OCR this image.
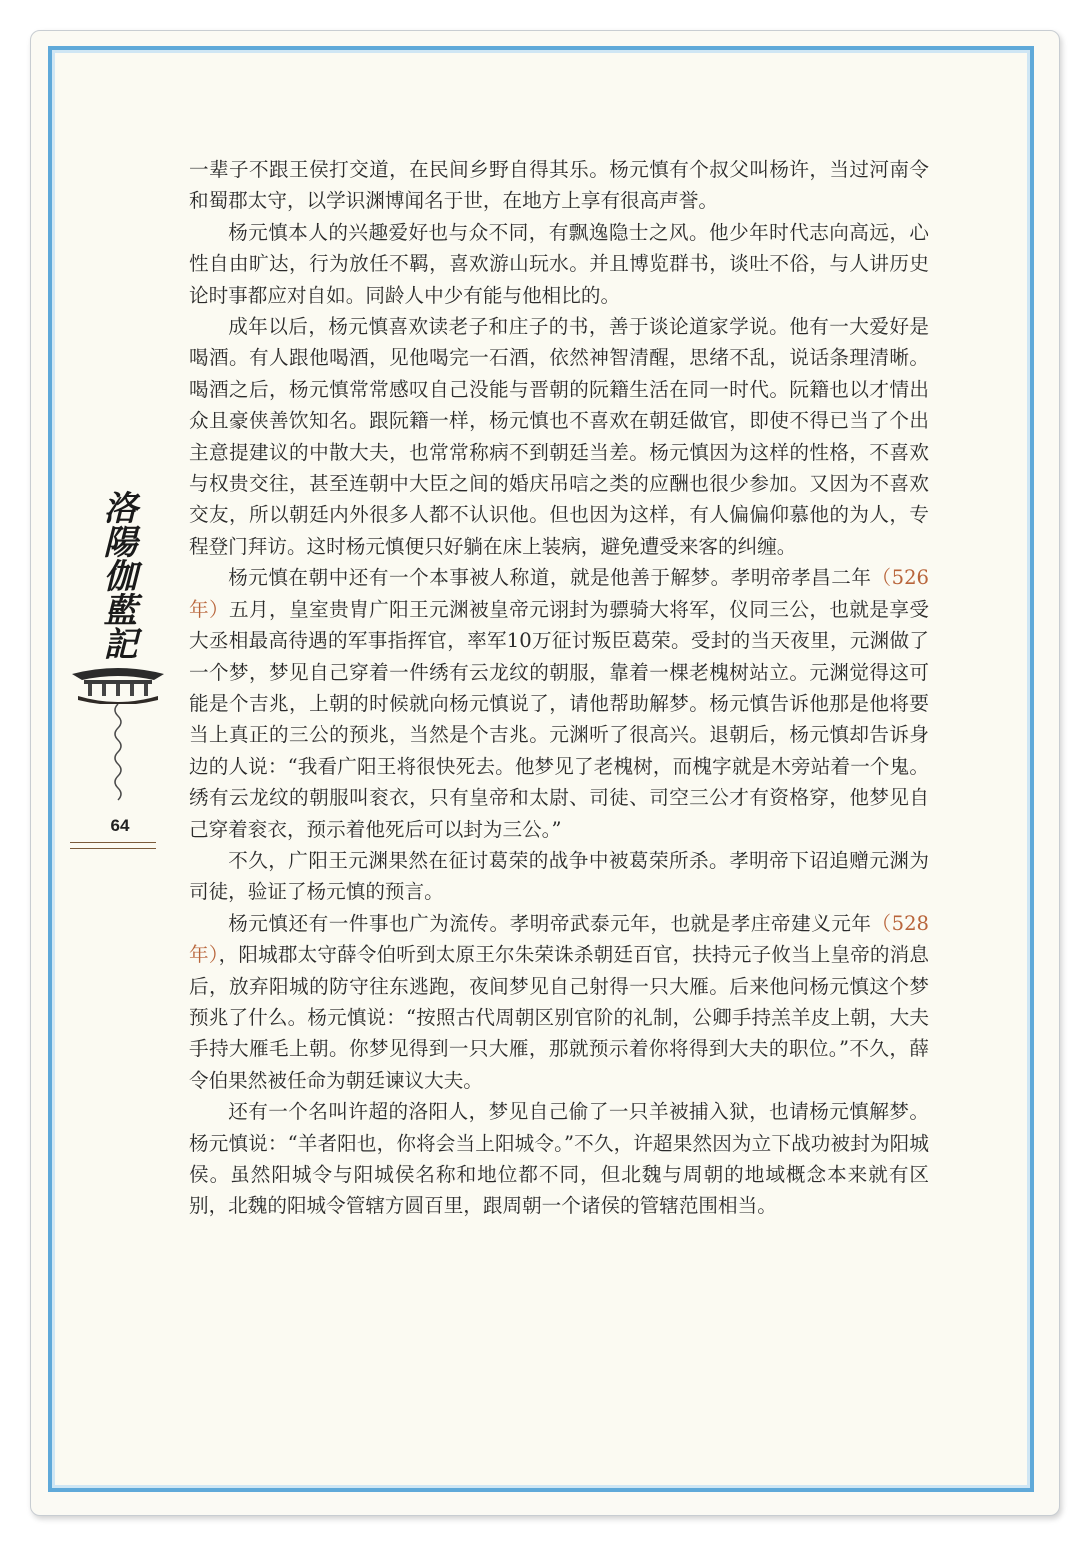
洛陽伽藍記
64

一辈子不跟王侯打交道，在民间乡野自得其乐。杨元慎有个叔父叫杨许，当过河南令和蜀郡太守，以学识渊博闻名于世，在地方上享有很高声誉。

杨元慎本人的兴趣爱好也与众不同，有飘逸隐士之风。他少年时代志向高远，心性自由旷达，行为放任不羁，喜欢游山玩水。并且博览群书，谈吐不俗，与人讲历史论时事都应对自如。同龄人中少有能与他相比的。

成年以后，杨元慎喜欢读老子和庄子的书，善于谈论道家学说。他有一大爱好是喝酒。有人跟他喝酒，见他喝完一石酒，依然神智清醒，思绪不乱，说话条理清晰。喝酒之后，杨元慎常常感叹自己没能与晋朝的阮籍生活在同一时代。阮籍也以才情出众且豪侠善饮知名。跟阮籍一样，杨元慎也不喜欢在朝廷做官，即使不得已当了个出主意提建议的中散大夫，也常常称病不到朝廷当差。杨元慎因为这样的性格，不喜欢与权贵交往，甚至连朝中大臣之间的婚庆吊唁之类的应酬也很少参加。又因为不喜欢交友，所以朝廷内外很多人都不认识他。但也因为这样，有人偏偏仰慕他的为人，专程登门拜访。这时杨元慎便只好躺在床上装病，避免遭受来客的纠缠。

杨元慎在朝中还有一个本事被人称道，就是他善于解梦。孝明帝孝昌二年（526年）五月，皇室贵胄广阳王元渊被皇帝元诩封为骠骑大将军，仪同三公，也就是享受大丞相最高待遇的军事指挥官，率军10万征讨叛臣葛荣。受封的当天夜里，元渊做了一个梦，梦见自己穿着一件绣有云龙纹的朝服，靠着一棵老槐树站立。元渊觉得这可能是个吉兆，上朝的时候就向杨元慎说了，请他帮助解梦。杨元慎告诉他那是他将要当上真正的三公的预兆，当然是个吉兆。元渊听了很高兴。退朝后，杨元慎却告诉身边的人说：“我看广阳王将很快死去。他梦见了老槐树，而槐字就是木旁站着一个鬼。绣有云龙纹的朝服叫衮衣，只有皇帝和太尉、司徒、司空三公才有资格穿，他梦见自己穿着衮衣，预示着他死后可以封为三公。”

不久，广阳王元渊果然在征讨葛荣的战争中被葛荣所杀。孝明帝下诏追赠元渊为司徒，验证了杨元慎的预言。

杨元慎还有一件事也广为流传。孝明帝武泰元年，也就是孝庄帝建义元年（528年），阳城郡太守薛令伯听到太原王尔朱荣诛杀朝廷百官，扶持元子攸当上皇帝的消息后，放弃阳城的防守往东逃跑，夜间梦见自己射得一只大雁。后来他问杨元慎这个梦预兆了什么。杨元慎说：“按照古代周朝区别官阶的礼制，公卿手持羔羊皮上朝，大夫手持大雁毛上朝。你梦见得到一只大雁，那就预示着你将得到大夫的职位。”不久，薛令伯果然被任命为朝廷谏议大夫。

还有一个名叫许超的洛阳人，梦见自己偷了一只羊被捕入狱，也请杨元慎解梦。杨元慎说：“羊者阳也，你将会当上阳城令。”不久，许超果然因为立下战功被封为阳城侯。虽然阳城令与阳城侯名称和地位都不同，但北魏与周朝的地域概念本来就有区别，北魏的阳城令管辖方圆百里，跟周朝一个诸侯的管辖范围相当。
